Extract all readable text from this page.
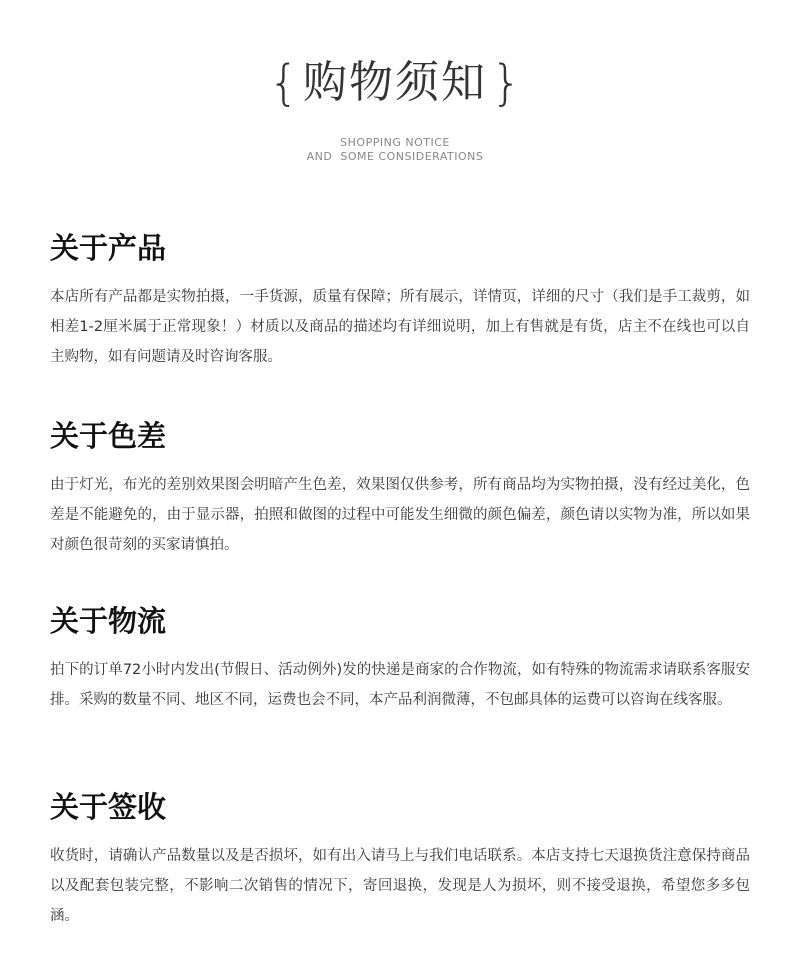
{ 购物须知 }
SHOPPING NOTICE
AND  SOME CONSIDERATIONS
关于产品
本店所有产品都是实物拍摄，一手货源，质量有保障；所有展示，详情页，详细的尺寸（我们是手工裁剪，如相差1-2厘米属于正常现象！）材质以及商品的描述均有详细说明，加上有售就是有货，店主不在线也可以自主购物，如有问题请及时咨询客服。
关于色差
由于灯光，布光的差别效果图会明暗产生色差，效果图仅供参考，所有商品均为实物拍摄，没有经过美化，色差是不能避免的，由于显示器，拍照和做图的过程中可能发生细微的颜色偏差，颜色请以实物为准，所以如果对颜色很苛刻的买家请慎拍。
关于物流
拍下的订单72小时内发出(节假日、活动例外)发的快递是商家的合作物流，如有特殊的物流需求请联系客服安排。采购的数量不同、地区不同，运费也会不同，本产品利润微薄，不包邮具体的运费可以咨询在线客服。
关于签收
收货时，请确认产品数量以及是否损坏，如有出入请马上与我们电话联系。本店支持七天退换货注意保持商品以及配套包装完整，不影响二次销售的情况下，寄回退换，发现是人为损坏，则不接受退换，希望您多多包涵。
